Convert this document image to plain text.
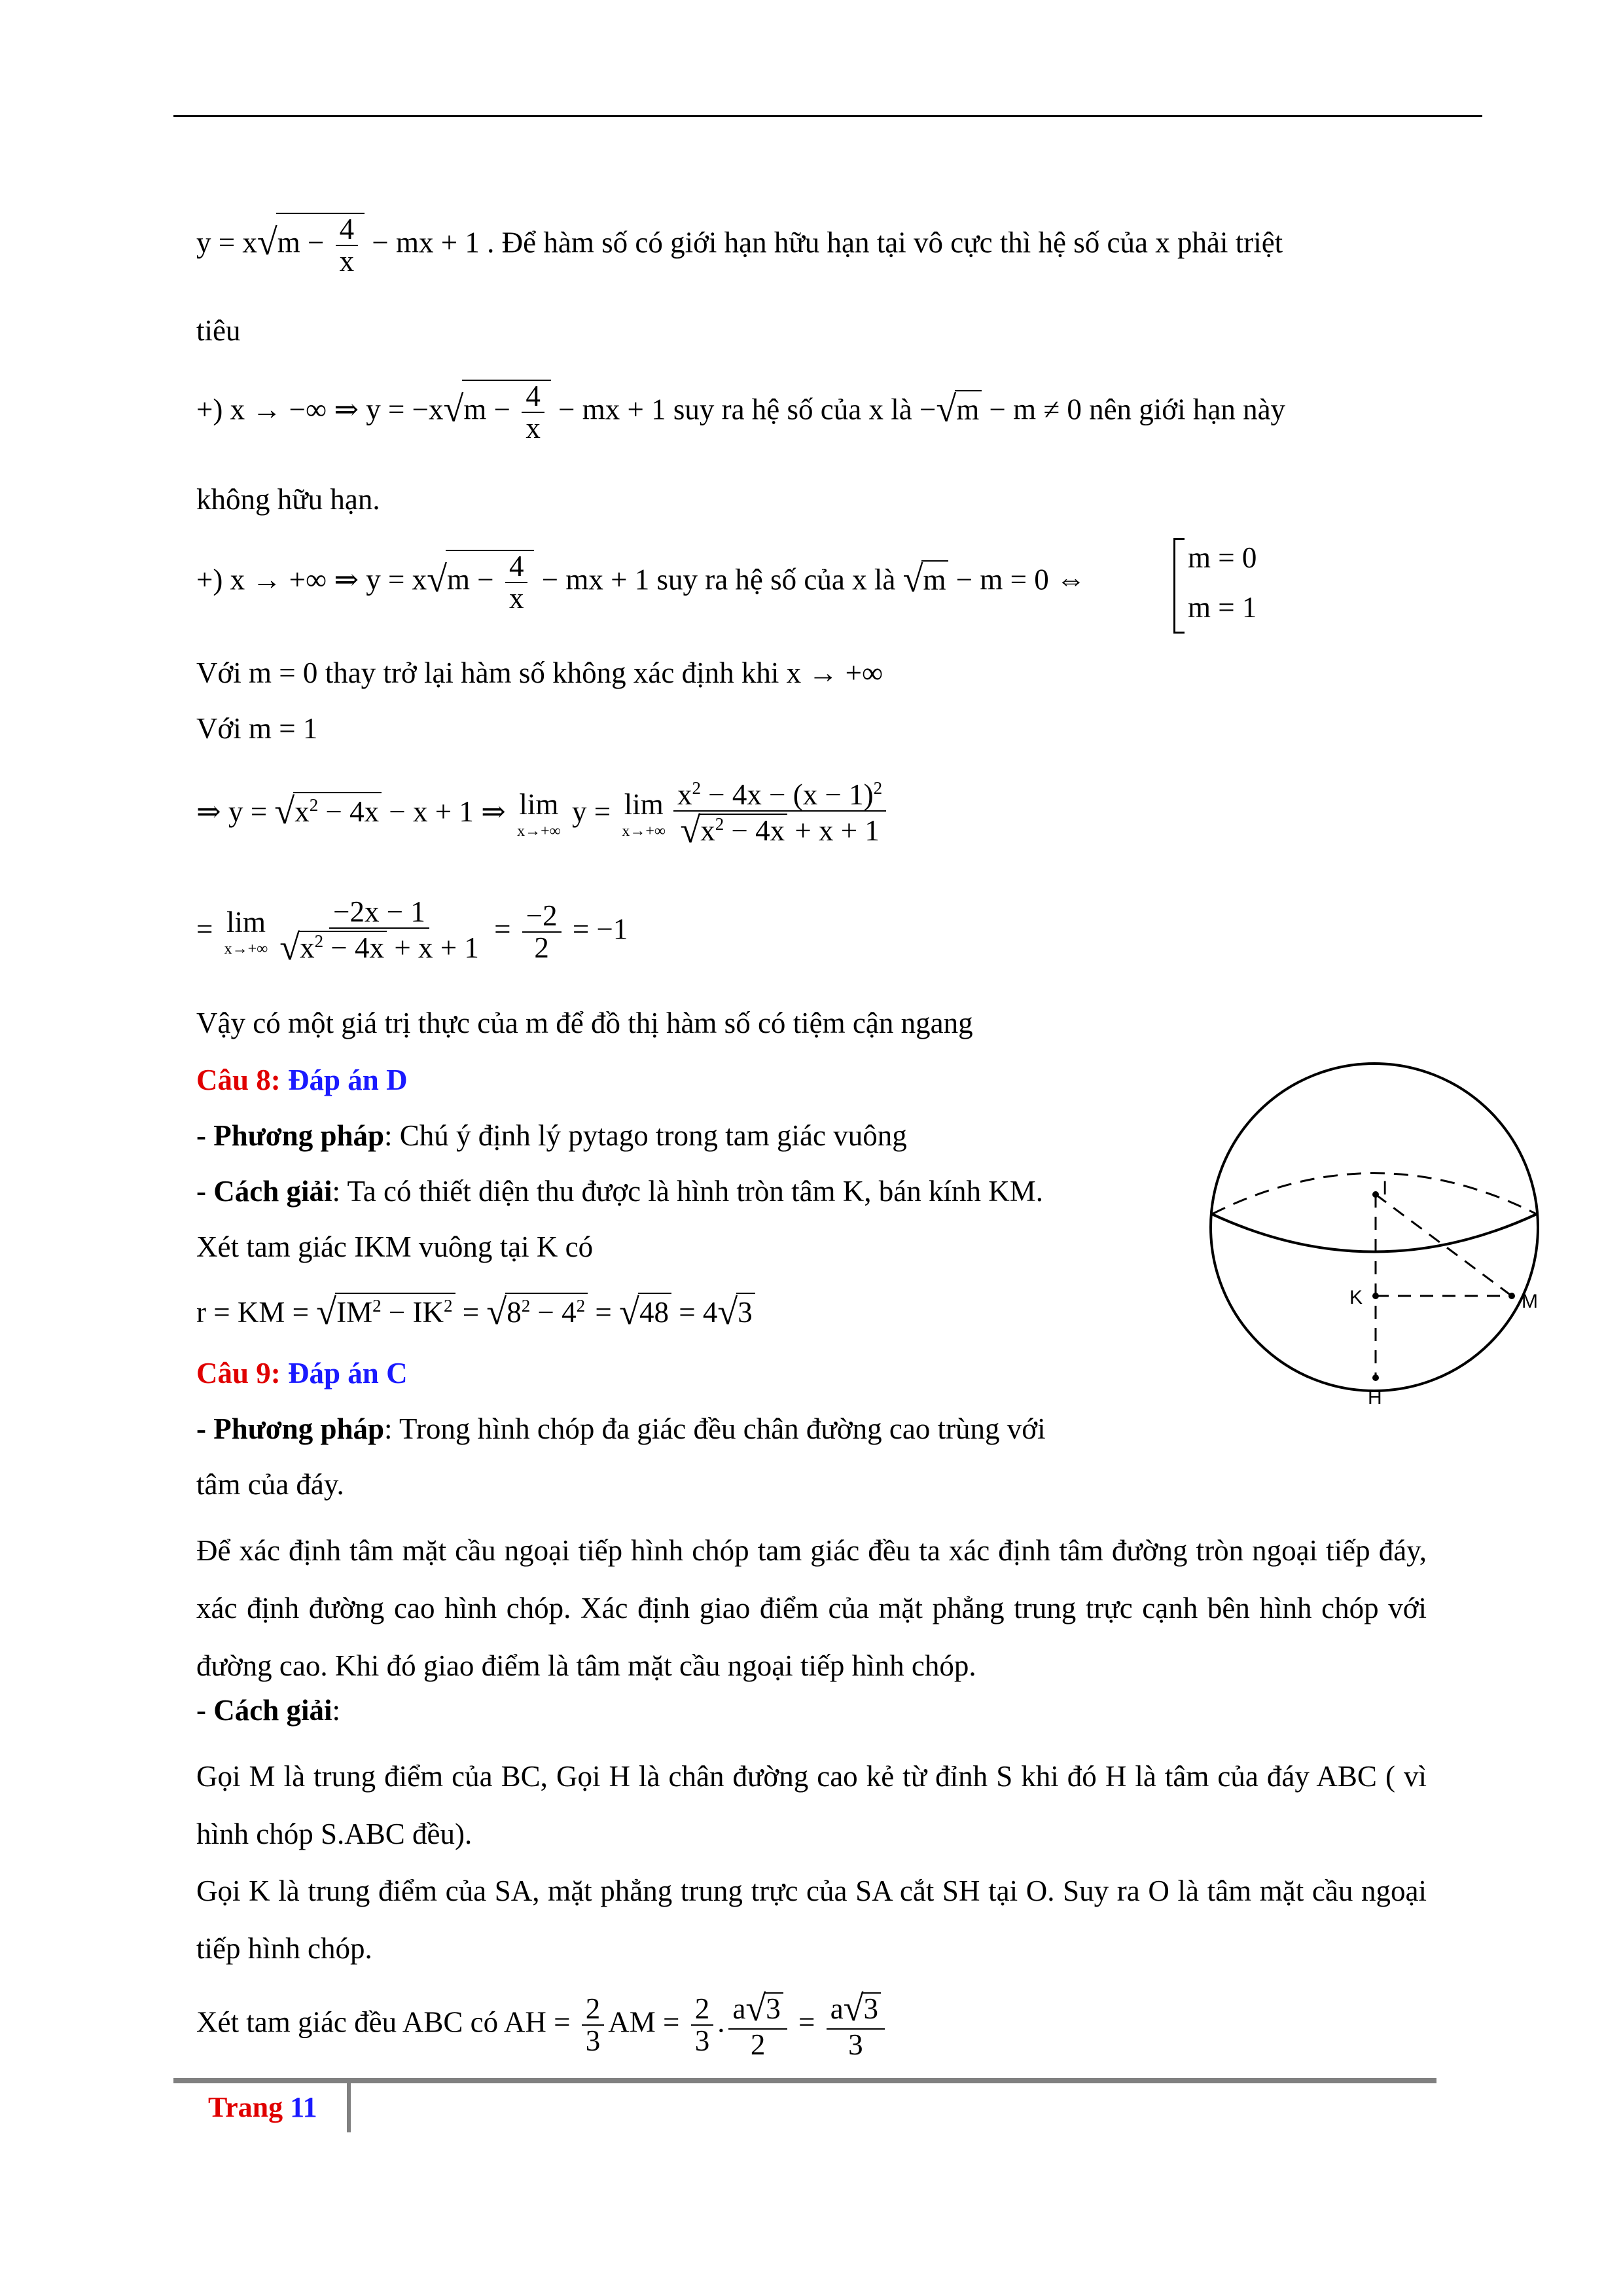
$y = x√m - \frac{4}{x}$ − mx + 1 . Để hàm số có giới hạn hữu hạn tại vô cực thì hệ số của x phải triệt
tiêu
+) x → −∞ ⇒ $y = -x√m - \frac{4}{x}$ − mx + 1 suy ra hệ số của x là −√m − m ≠ 0 nên giới hạn này
không hữu hạn.
+) x → +∞ ⇒ $y = x√m - \frac{4}{x}$ − mx + 1 suy ra hệ số của x là √m − m = 0 ⇔
m = 0
m = 1
Với m = 0 thay trở lại hàm số không xác định khi x → +∞
Với m = 1
⇒ $y = √x^2 - 4x - x + 1$ ⇒ lim
x→+∞
y = lim
$x\to+\infty \frac{x^2 - 4x - (x - 1)^2}{√x^2 - 4x + x + 1}$
= lim
$x\to+\infty \frac{-2x - 1}{√x^2 - 4x + x + 1} = \frac{-2}{2} = -1$
Vậy có một giá trị thực của m để đồ thị hàm số có tiệm cận ngang
Câu 8: Đáp án D
- Phương pháp: Chú ý định lý pytago trong tam giác vuông
- Cách giải: Ta có thiết diện thu được là hình tròn tâm K, bán kính KM.
Xét tam giác IKM vuông tại K có
r = KM = $√IM^2 - IK^2 = √8^2 - 4^2 = √48 = 4√3$
I
K	M
H
Câu 9: Đáp án C
- Phương pháp: Trong hình chóp đa giác đều chân đường cao trùng với
tâm của đáy.
Để xác định tâm mặt cầu ngoại tiếp hình chóp tam giác đều ta xác định tâm đường tròn ngoại tiếp đáy, xác định đường cao hình chóp. Xác định giao điểm của mặt phẳng trung trực cạnh bên hình chóp với đường cao. Khi đó giao điểm là tâm mặt cầu ngoại tiếp hình chóp.
- Cách giải:
Gọi M là trung điểm của BC, Gọi H là chân đường cao kẻ từ đỉnh S khi đó H là tâm của đáy ABC ( vì hình chóp S.ABC đều).
Gọi K là trung điểm của SA, mặt phẳng trung trực của SA cắt SH tại O. Suy ra O là tâm mặt cầu ngoại tiếp hình chóp.
Xét tam giác đều ABC có AH = $\frac{2}{3}$ AM = $\frac{2}{3}$ . $\frac{a√3}{2} = \frac{a√3}{3}$
Trang 11
